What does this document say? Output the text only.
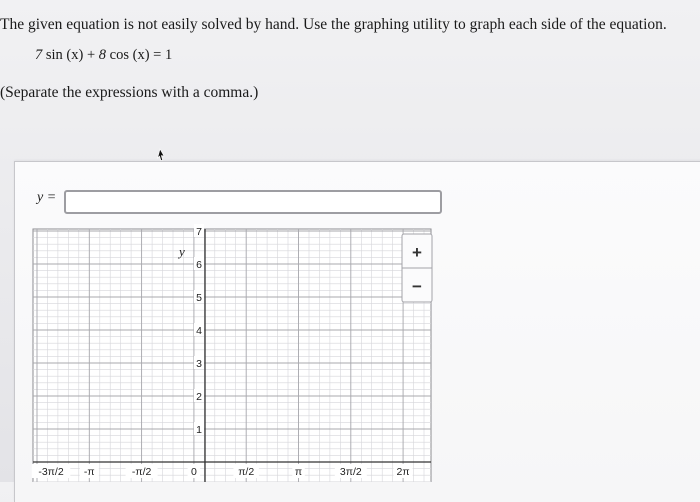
The given equation is not easily solved by hand. Use the graphing utility to graph each side of the equation.
7 sin (x) + 8 cos (x) = 1
(Separate the expressions with a comma.)
y =
-3π/2 -π	-π/2	0	π/2	π	3π/2	2π
1
2
3
4
5
6
7
y	+
−
